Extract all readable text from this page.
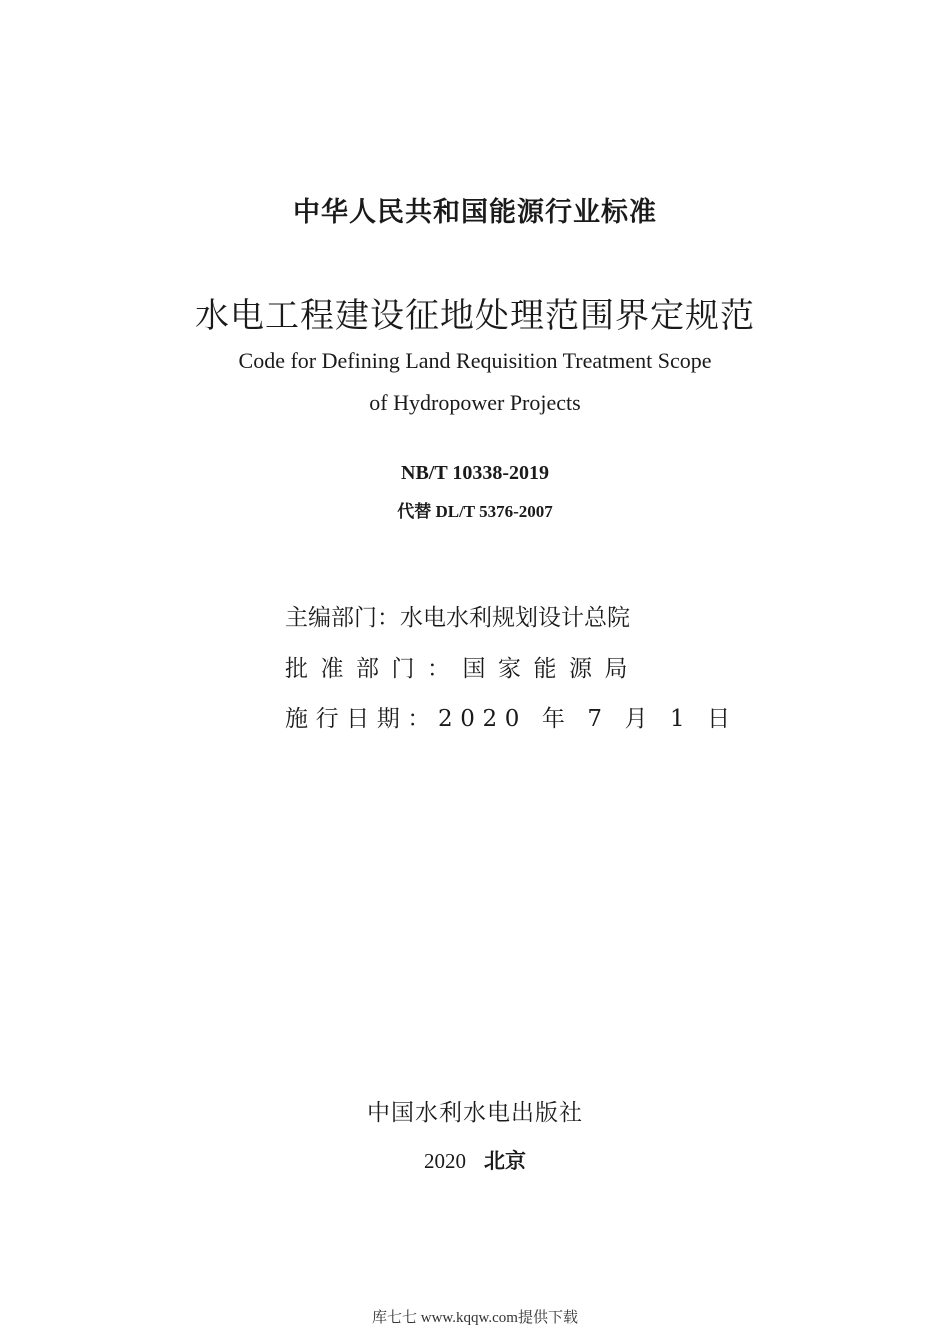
中华人民共和国能源行业标准
水电工程建设征地处理范围界定规范
Code for Defining Land Requisition Treatment Scope
of Hydropower Projects
NB/T 10338-2019
代替 DL/T 5376-2007
主编部门：水电水利规划设计总院
批准部门：国家能源局
施行日期：2020 年 7 月 1 日
中国水利水电出版社
2020 北京
库七七 www.kqqw.com提供下载
